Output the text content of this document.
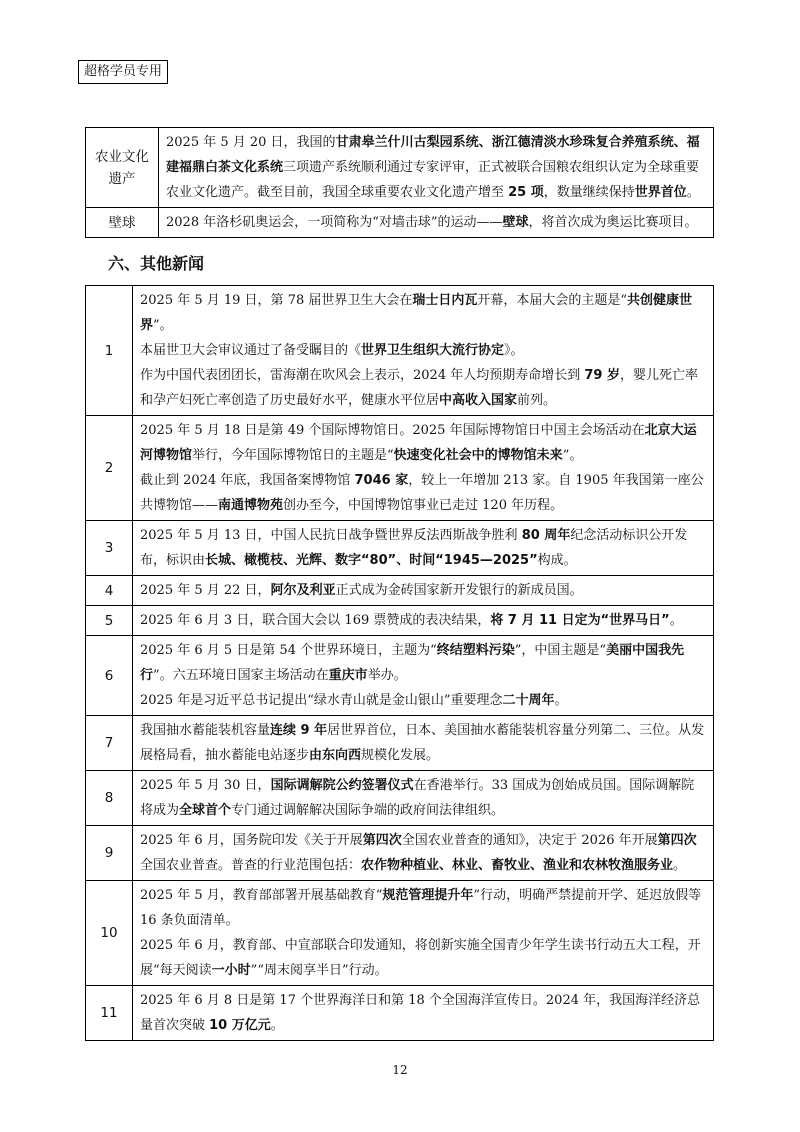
超格学员专用
农业文化遗产	2025 年 5 月 20 日，我国的甘肃皋兰什川古梨园系统、浙江德清淡水珍珠复合养殖系统、福建福鼎白茶文化系统三项遗产系统顺利通过专家评审，正式被联合国粮农组织认定为全球重要农业文化遗产。截至目前，我国全球重要农业文化遗产增至 25 项，数量继续保持世界首位。

壁球	2028 年洛杉矶奥运会，一项简称为“对墙击球”的运动——壁球，将首次成为奥运比赛项目。

六、其他新闻
1	2025 年 5 月 19 日，第 78 届世界卫生大会在瑞士日内瓦开幕，本届大会的主题是“共创健康世界”。

本届世卫大会审议通过了备受瞩目的《世界卫生组织大流行协定》。

作为中国代表团团长，雷海潮在吹风会上表示，2024 年人均预期寿命增长到 79 岁，婴儿死亡率和孕产妇死亡率创造了历史最好水平，健康水平位居中高收入国家前列。

2	2025 年 5 月 18 日是第 49 个国际博物馆日。2025 年国际博物馆日中国主会场活动在北京大运河博物馆举行，今年国际博物馆日的主题是“快速变化社会中的博物馆未来”。

截止到 2024 年底，我国备案博物馆 7046 家，较上一年增加 213 家。自 1905 年我国第一座公共博物馆——南通博物苑创办至今，中国博物馆事业已走过 120 年历程。

3	2025 年 5 月 13 日，中国人民抗日战争暨世界反法西斯战争胜利 80 周年纪念活动标识公开发布，标识由长城、橄榄枝、光辉、数字“80”、时间“1945—2025”构成。

4	2025 年 5 月 22 日，阿尔及利亚正式成为金砖国家新开发银行的新成员国。

5	2025 年 6 月 3 日，联合国大会以 169 票赞成的表决结果，将 7 月 11 日定为“世界马日”。

6	2025 年 6 月 5 日是第 54 个世界环境日，主题为“终结塑料污染”，中国主题是“美丽中国我先行”。六五环境日国家主场活动在重庆市举办。

2025 年是习近平总书记提出“绿水青山就是金山银山”重要理念二十周年。

7	我国抽水蓄能装机容量连续 9 年居世界首位，日本、美国抽水蓄能装机容量分列第二、三位。从发展格局看，抽水蓄能电站逐步由东向西规模化发展。

8	2025 年 5 月 30 日，国际调解院公约签署仪式在香港举行。33 国成为创始成员国。国际调解院将成为全球首个专门通过调解解决国际争端的政府间法律组织。

9	2025 年 6 月，国务院印发《关于开展第四次全国农业普查的通知》，决定于 2026 年开展第四次全国农业普查。普查的行业范围包括：农作物种植业、林业、畜牧业、渔业和农林牧渔服务业。

10	2025 年 5 月，教育部部署开展基础教育“规范管理提升年”行动，明确严禁提前开学、延迟放假等 16 条负面清单。

2025 年 6 月，教育部、中宣部联合印发通知，将创新实施全国青少年学生读书行动五大工程，开展“每天阅读一小时”“周末阅享半日”行动。

11	2025 年 6 月 8 日是第 17 个世界海洋日和第 18 个全国海洋宣传日。2024 年，我国海洋经济总量首次突破 10 万亿元。

12
